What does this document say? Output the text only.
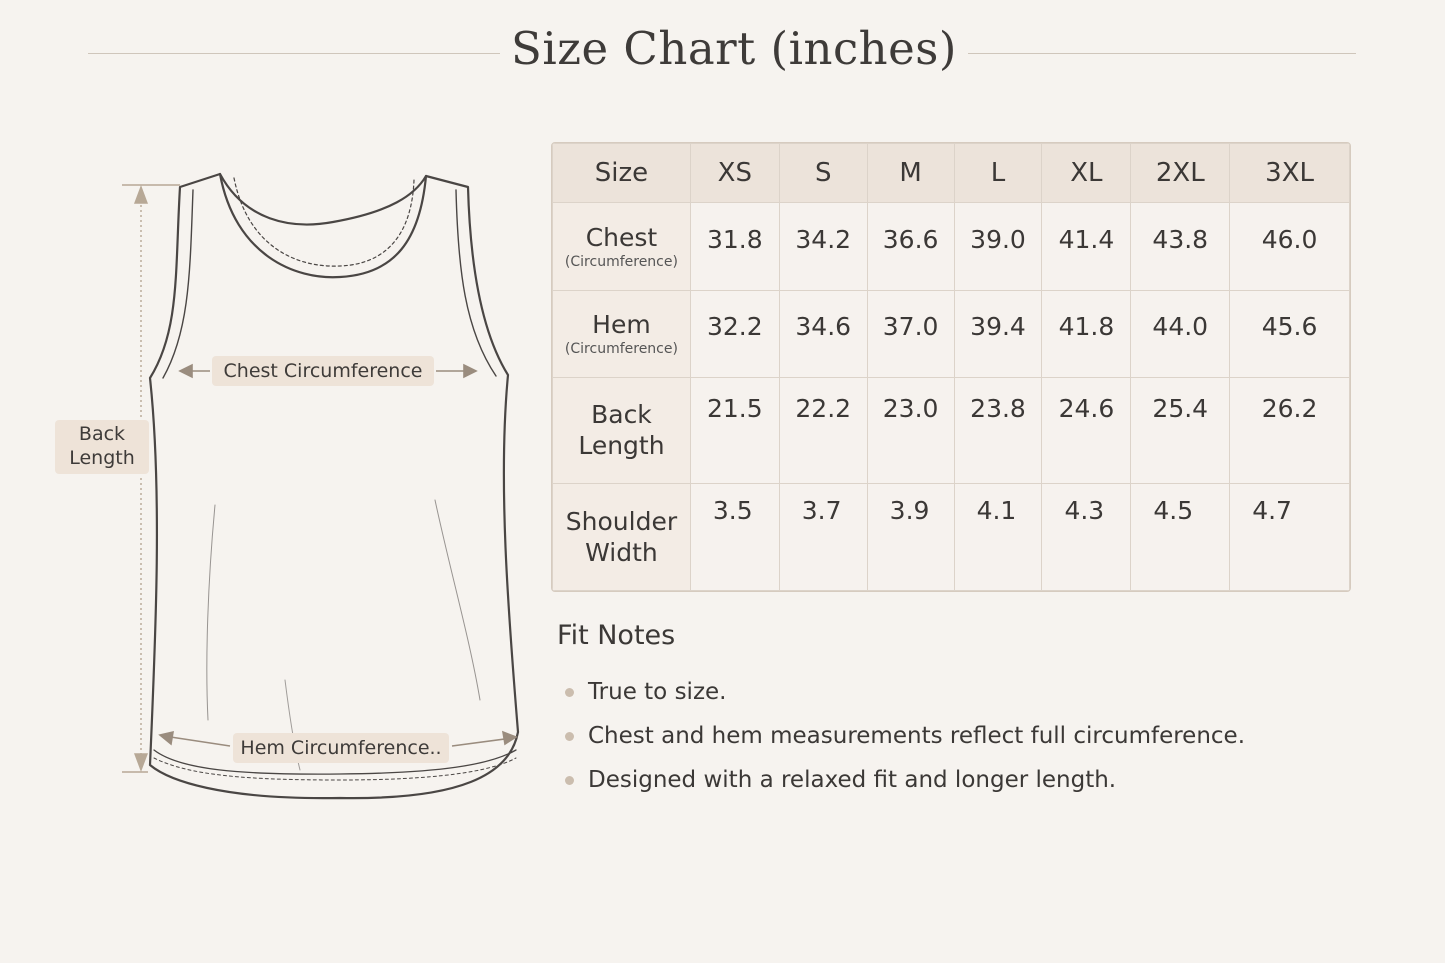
Size Chart (inches)
Chest Circumference
Back
Length
Hem Circumference..
Size	XS	S	M	L	XL	2XL	3XL
Chest
(Circumference)	31.8	34.2	36.6	39.0	41.4	43.8	46.0
Hem
(Circumference)	32.2	34.6	37.0	39.4	41.8	44.0	45.6

Back
Length	21.5	22.2	23.0	23.8	24.6	25.4	26.2

Shoulder
Width	3.5	3.7	3.9	4.1	4.3	4.5	4.7
Fit Notes
True to size.
Chest and hem measurements reflect full circumference.
Designed with a relaxed fit and longer length.
